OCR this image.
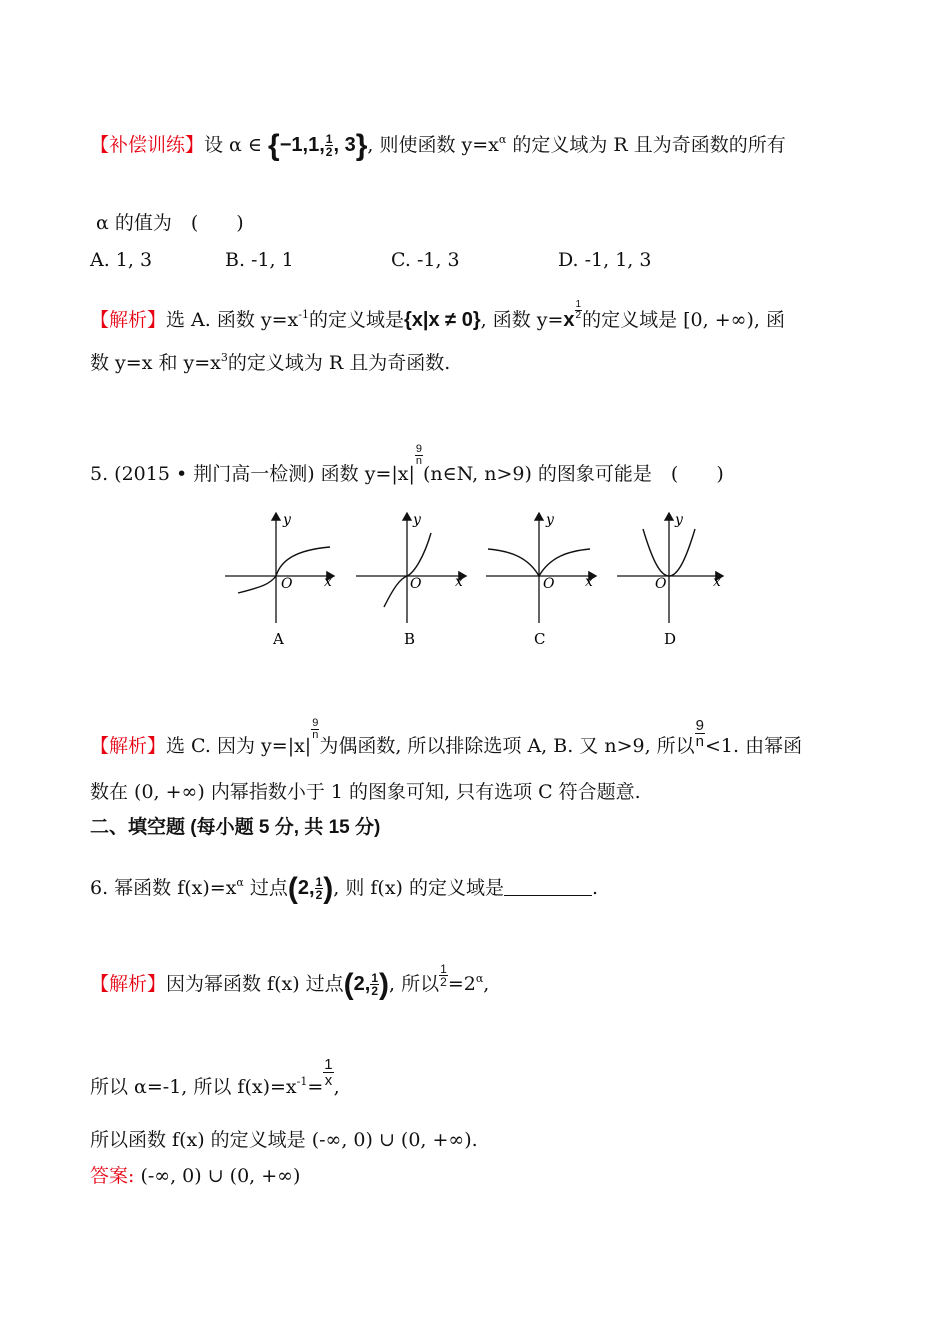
【补偿训练】设 α ∈ {−1,1, $\frac{1}{2}$ , 3}, 则使函数 $y=x^\alpha$ 的定义域为 R 且为奇函数的所有
α 的值为　(　　)
A. 1, 3	B. -1, 1	C. -1, 3	D. -1, 1, 3
【解析】选 A. 函数 $y=x^{-1}$的定义域是{x|x ≠ 0}, 函数 $y=x \frac{1}{2}$ 的定义域是 [0, +∞), 函
数 y=x 和 $y=x^3$的定义域为 R 且为奇函数.
5. (2015 • 荆门高一检测) 函数 y=|x|
$\frac{9}{n}$
(n∈N, n>9) 的图象可能是　(　　)
y
x
O
A
y
x
O
B
y
x
O
C
y
x
O
D
【解析】选 C. 因为 y=|x|
$\frac{9}{n}$
为偶函数, 所以排除选项 A, B. 又 n>9, 所以 $\frac{9}{n} <1$. 由幂函
数在 (0, +∞) 内幂指数小于 1 的图象可知, 只有选项 C 符合题意.
二、填空题 (每小题 5 分, 共 15 分)
6. 幂函数 $f(x)=x^\alpha$ 过点(2, $\frac{1}{2}$ ), 则 f(x) 的定义域是	.
【解析】因为幂函数 f(x) 过点(2, $\frac{1}{2}$ ), 所以 $\frac{1}{2} =2^\alpha$,
所以 α=-1, 所以 $f(x)=x^{-1}= \frac{1}{x}$ ,
所以函数 f(x) 的定义域是 (-∞, 0) ∪ (0, +∞).
答案: (-∞, 0) ∪ (0, +∞)
